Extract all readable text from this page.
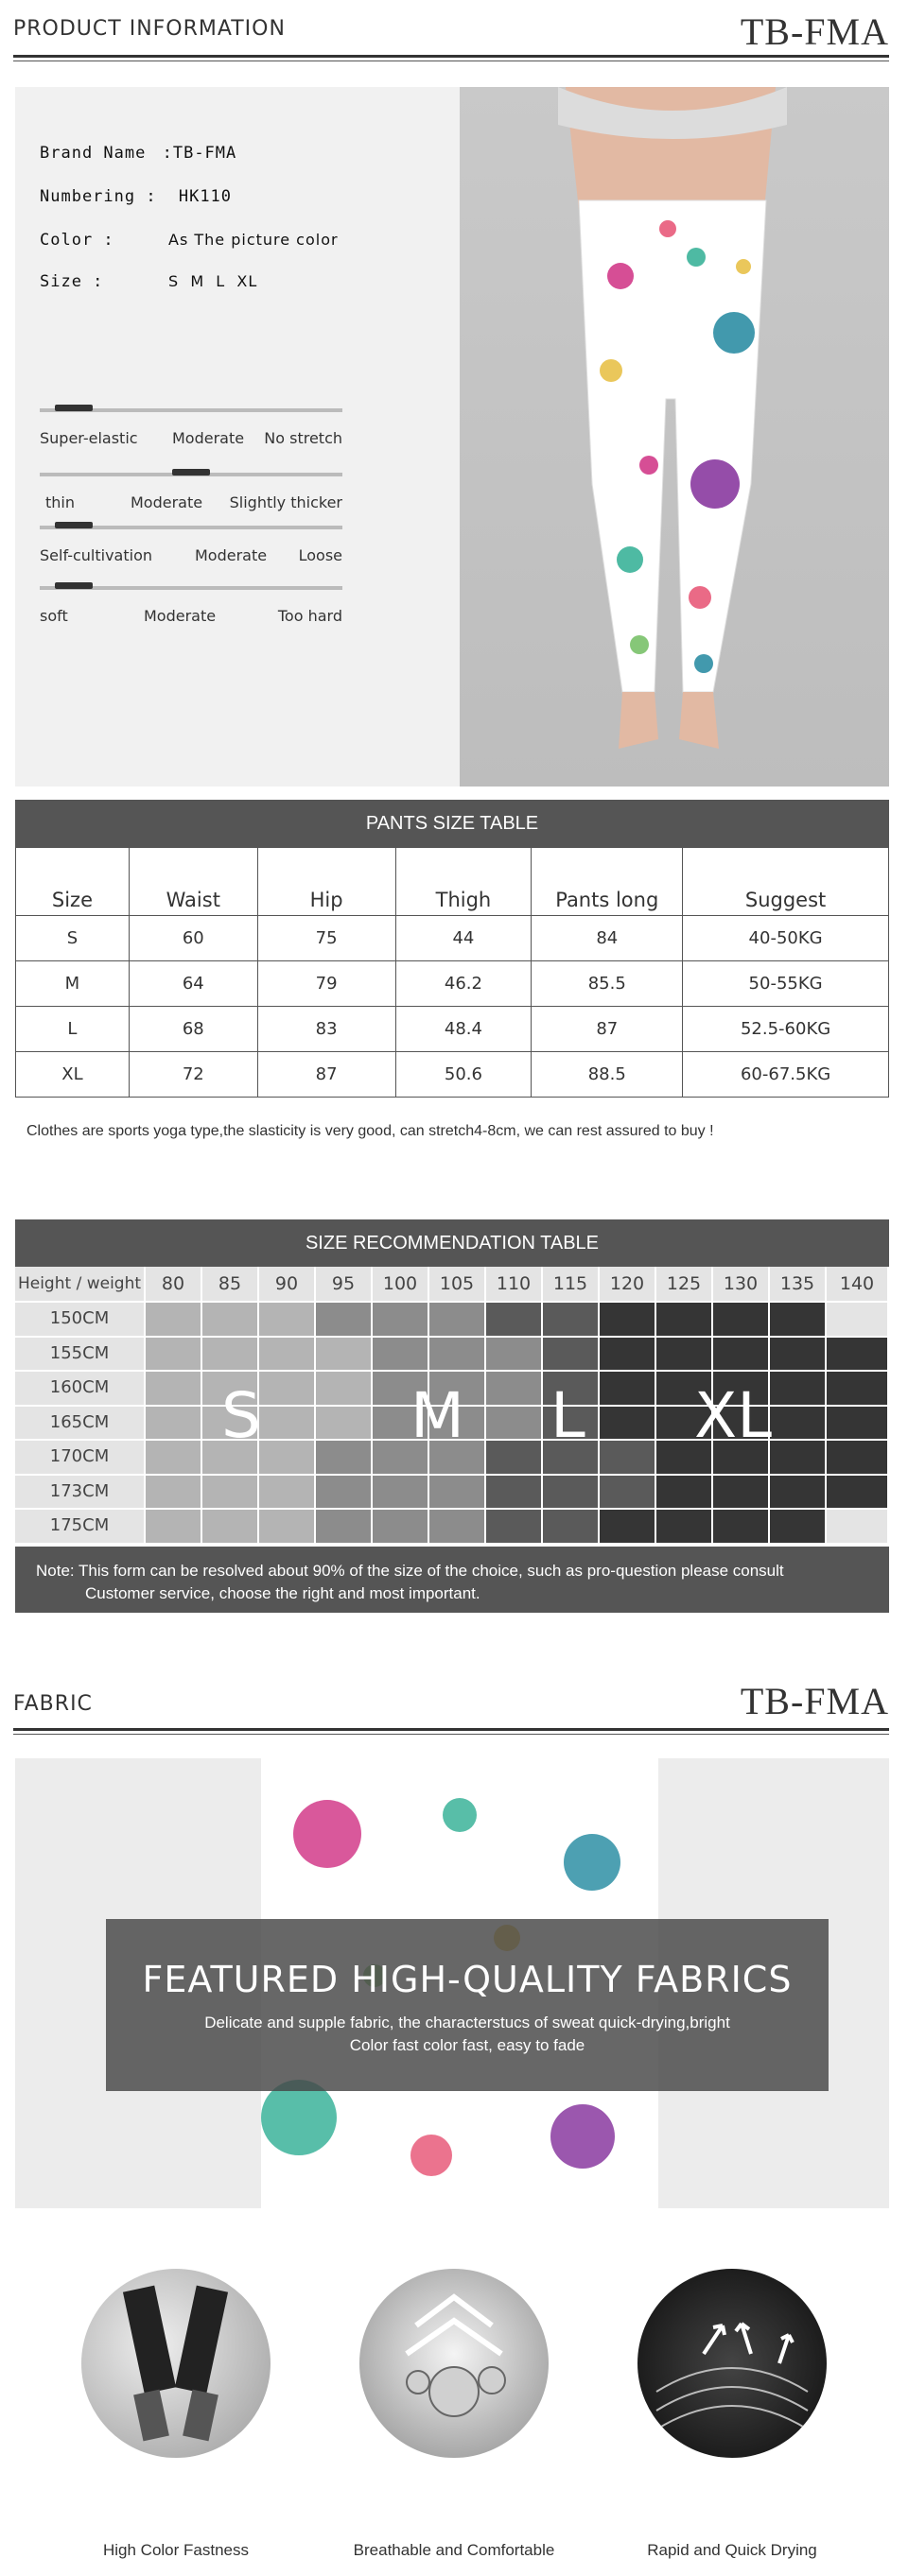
PRODUCT INFORMATION	TB-FMA
Brand Name :TB-FMA
Numbering : HK110
Color :	As The picture color
Size :	S  M  L  XL
Super-elastic Moderate No stretch
thin	Moderate Slightly thicker
Self-cultivation	Moderate Loose
soft	Moderate	Too hard
PANTS SIZE TABLE
Size	Waist	Hip	Thigh	Pants long	Suggest
S	60	75	44	84	40-50KG
M	64	79	46.2	85.5	50-55KG
L	68	83	48.4	87	52.5-60KG
XL	72	87	50.6	88.5	60-67.5KG
Clothes are sports yoga type,the slasticity is very good, can stretch4-8cm, we can rest assured to buy !
SIZE RECOMMENDATION TABLE
Height / weight	80	85	90	95	100	105	110	115	120	125	130	135	140
150CM
155CM
160CM
165CM
170CM
173CM
175CM
S M L XL
Note: This form can be resolved about 90% of the size of the choice, such as pro-question please consult
Customer service, choose the right and most important.
FABRIC	TB-FMA
FEATURED HIGH-QUALITY FABRICS
Delicate and supple fabric, the characterstucs of sweat quick-drying,bright
Color fast color fast, easy to fade
High Color Fastness	Breathable and Comfortable	Rapid and Quick Drying
